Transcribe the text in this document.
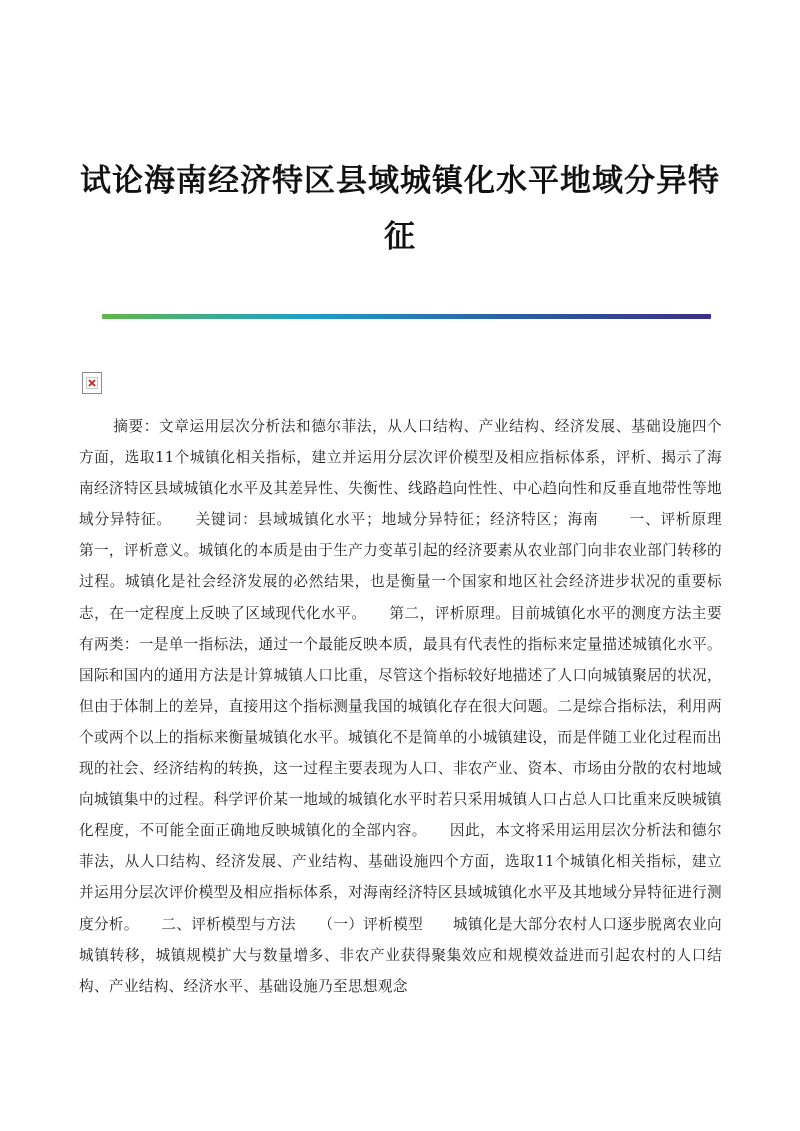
试论海南经济特区县域城镇化水平地域分异特征

摘要：文章运用层次分析法和德尔菲法，从人口结构、产业结构、经济发展、基础设施四个方面，选取11个城镇化相关指标，建立并运用分层次评价模型及相应指标体系，评析、揭示了海南经济特区县域城镇化水平及其差异性、失衡性、线路趋向性性、中心趋向性和反垂直地带性等地域分异特征。　　关键词：县域城镇化水平；地域分异特征；经济特区；海南　　一、评析原理　　第一，评析意义。城镇化的本质是由于生产力变革引起的经济要素从农业部门向非农业部门转移的过程。城镇化是社会经济发展的必然结果，也是衡量一个国家和地区社会经济进步状况的重要标志，在一定程度上反映了区域现代化水平。　　第二，评析原理。目前城镇化水平的测度方法主要有两类：一是单一指标法，通过一个最能反映本质，最具有代表性的指标来定量描述城镇化水平。国际和国内的通用方法是计算城镇人口比重，尽管这个指标较好地描述了人口向城镇聚居的状况，但由于体制上的差异，直接用这个指标测量我国的城镇化存在很大问题。二是综合指标法，利用两个或两个以上的指标来衡量城镇化水平。城镇化不是简单的小城镇建设，而是伴随工业化过程而出现的社会、经济结构的转换，这一过程主要表现为人口、非农产业、资本、市场由分散的农村地域向城镇集中的过程。科学评价某一地域的城镇化水平时若只采用城镇人口占总人口比重来反映城镇化程度，不可能全面正确地反映城镇化的全部内容。　　因此，本文将采用运用层次分析法和德尔菲法，从人口结构、经济发展、产业结构、基础设施四个方面，选取11个城镇化相关指标，建立并运用分层次评价模型及相应指标体系，对海南经济特区县域城镇化水平及其地域分异特征进行测度分析。　　二、评析模型与方法　　（一）评析模型　　城镇化是大部分农村人口逐步脱离农业向城镇转移，城镇规模扩大与数量增多、非农产业获得聚集效应和规模效益进而引起农村的人口结构、产业结构、经济水平、基础设施乃至思想观念
